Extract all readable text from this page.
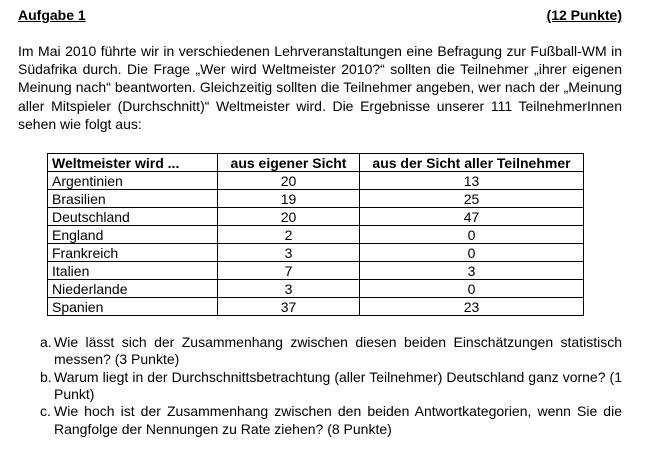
Aufgabe 1	(12 Punkte)

Im Mai 2010 führte wir in verschiedenen Lehrveranstaltungen eine Befragung zur Fußball-WM in Südafrika durch. Die Frage „Wer wird Weltmeister 2010?“ sollten die Teilnehmer „ihrer eigenen Meinung nach“ beantworten. Gleichzeitig sollten die Teilnehmer angeben, wer nach der „Meinung aller Mitspieler (Durchschnitt)“ Weltmeister wird. Die Ergebnisse unserer 111 TeilnehmerInnen sehen wie folgt aus:

Weltmeister wird ...	aus eigener Sicht	aus der Sicht aller Teilnehmer
Argentinien	20	13
Brasilien	19	25
Deutschland	20	47
England	2	0
Frankreich	3	0
Italien	7	3
Niederlande	3	0
Spanien	37	23
a. Wie lässt sich der Zusammenhang zwischen diesen beiden Einschätzungen statistisch messen? (3 Punkte)
b. Warum liegt in der Durchschnittsbetrachtung (aller Teilnehmer) Deutschland ganz vorne? (1 Punkt)
c. Wie hoch ist der Zusammenhang zwischen den beiden Antwortkategorien, wenn Sie die Rangfolge der Nennungen zu Rate ziehen? (8 Punkte)
